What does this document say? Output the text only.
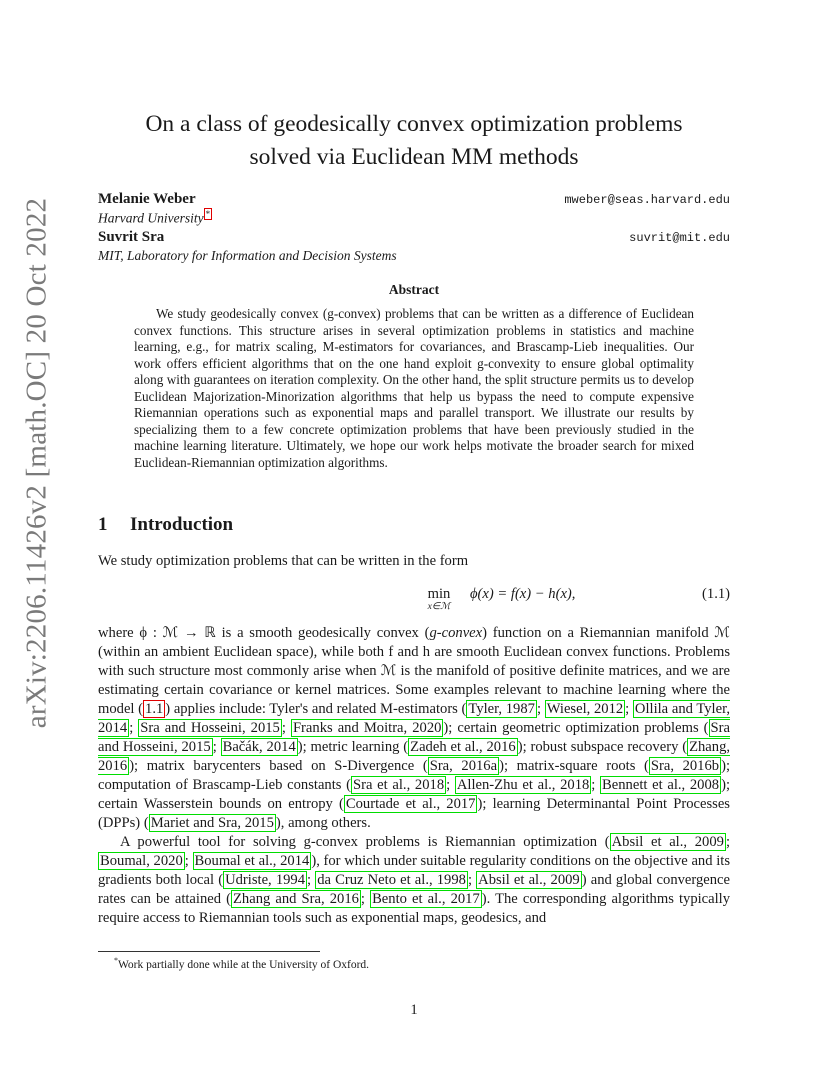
arXiv:2206.11426v2 [math.OC] 20 Oct 2022
On a class of geodesically convex optimization problems
solved via Euclidean MM methods
Melanie Weber	mweber@seas.harvard.edu
Harvard University *
Suvrit Sra	suvrit@mit.edu
MIT, Laboratory for Information and Decision Systems
Abstract
We study geodesically convex (g-convex) problems that can be written as a difference of Euclidean convex functions. This structure arises in several optimization problems in statistics and machine learning, e.g., for matrix scaling, M-estimators for covariances, and Brascamp-Lieb inequalities. Our work offers efficient algorithms that on the one hand exploit g-convexity to ensure global optimality along with guarantees on iteration complexity. On the other hand, the split structure permits us to develop Euclidean Majorization-Minorization algorithms that help us bypass the need to compute expensive Riemannian operations such as exponential maps and parallel transport. We illustrate our results by specializing them to a few concrete optimization problems that have been previously studied in the machine learning literature. Ultimately, we hope our work helps motivate the broader search for mixed Euclidean-Riemannian optimization algorithms.
1 Introduction
We study optimization problems that can be written in the form
min
x∈ℳ
ϕ(x) = f(x) − h(x),	(1.1)

where ϕ : ℳ → ℝ is a smooth geodesically convex (g-convex) function on a Riemannian manifold ℳ (within an ambient Euclidean space), while both f and h are smooth Euclidean convex functions. Problems with such structure most commonly arise when ℳ is the manifold of positive definite matrices, and we are estimating certain covariance or kernel matrices. Some examples relevant to machine learning where the model ( 1.1 ) applies include: Tyler's and related M-estimators ( Tyler, 1987 ; Wiesel, 2012 ; Ollila and Tyler, 2014 ; Sra and Hosseini, 2015 ; Franks and Moitra, 2020 ); certain geometric optimization problems ( Sra and Hosseini, 2015 ; Bačák, 2014 ); metric learning ( Zadeh et al., 2016 ); robust subspace recovery ( Zhang, 2016 ); matrix barycenters based on S-Divergence ( Sra, 2016a ); matrix-square roots ( Sra, 2016b ); computation of Brascamp-Lieb constants ( Sra et al., 2018 ; Allen-Zhu et al., 2018 ; Bennett et al., 2008 ); certain Wasserstein bounds on entropy ( Courtade et al., 2017 ); learning Determinantal Point Processes (DPPs) ( Mariet and Sra, 2015 ), among others.

A powerful tool for solving g-convex problems is Riemannian optimization ( Absil et al., 2009 ; Boumal, 2020 ; Boumal et al., 2014 ), for which under suitable regularity conditions on the objective and its gradients both local ( Udriste, 1994 ; da Cruz Neto et al., 1998 ; Absil et al., 2009 ) and global convergence rates can be attained ( Zhang and Sra, 2016 ; Bento et al., 2017 ). The corresponding algorithms typically require access to Riemannian tools such as exponential maps, geodesics, and

*Work partially done while at the University of Oxford.
1
